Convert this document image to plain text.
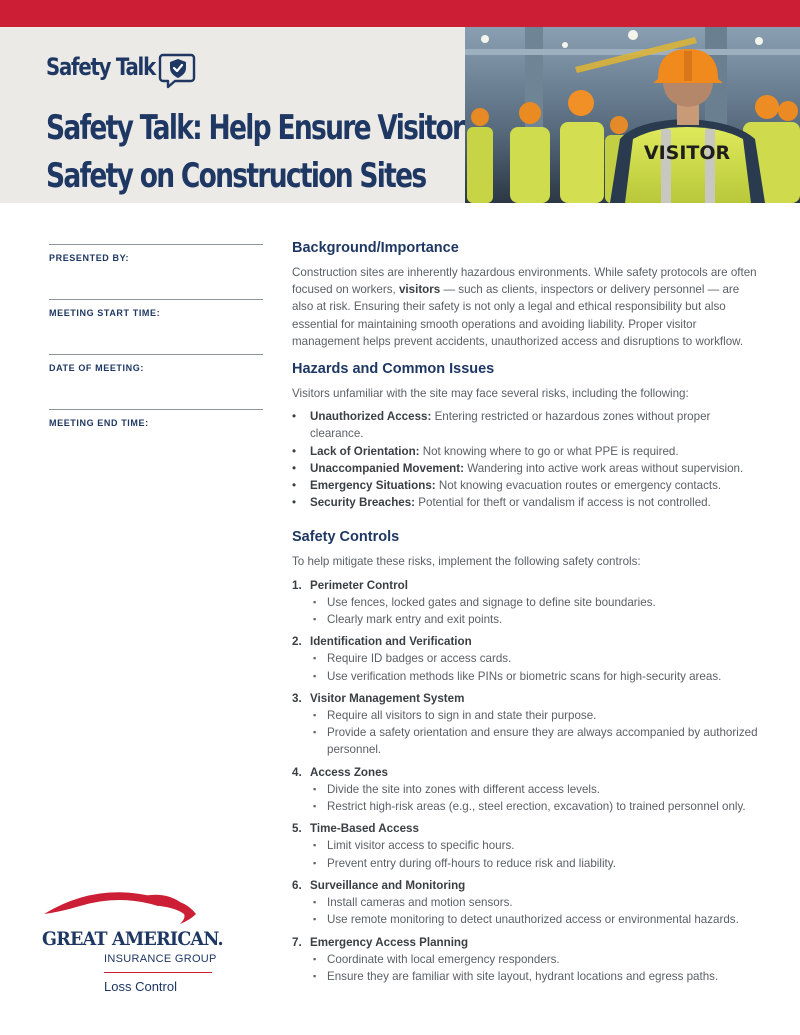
Safety Talk
Safety Talk: Help Ensure Visitor
Safety on Construction Sites
VISITOR
PRESENTED BY:
MEETING START TIME:
DATE OF MEETING:
MEETING END TIME:
Background/Importance

Construction sites are inherently hazardous environments. While safety protocols are often focused on workers, visitors — such as clients, inspectors or delivery personnel — are also at risk. Ensuring their safety is not only a legal and ethical responsibility but also essential for maintaining smooth operations and avoiding liability. Proper visitor management helps prevent accidents, unauthorized access and disruptions to workflow.

Hazards and Common Issues

Visitors unfamiliar with the site may face several risks, including the following:

• Unauthorized Access: Entering restricted or hazardous zones without proper clearance.
• Lack of Orientation: Not knowing where to go or what PPE is required.
• Unaccompanied Movement: Wandering into active work areas without supervision.
• Emergency Situations: Not knowing evacuation routes or emergency contacts.
• Security Breaches: Potential for theft or vandalism if access is not controlled.
Safety Controls

To help mitigate these risks, implement the following safety controls:

1. Perimeter Control
▪ Use fences, locked gates and signage to define site boundaries.
▪ Clearly mark entry and exit points.
2. Identification and Verification
▪ Require ID badges or access cards.
▪ Use verification methods like PINs or biometric scans for high-security areas.
3. Visitor Management System
▪ Require all visitors to sign in and state their purpose.
▪ Provide a safety orientation and ensure they are always accompanied by authorized personnel.
4. Access Zones
▪ Divide the site into zones with different access levels.
▪ Restrict high-risk areas (e.g., steel erection, excavation) to trained personnel only.
5. Time-Based Access
▪ Limit visitor access to specific hours.
▪ Prevent entry during off-hours to reduce risk and liability.
6. Surveillance and Monitoring
▪ Install cameras and motion sensors.
▪ Use remote monitoring to detect unauthorized access or environmental hazards.
7. Emergency Access Planning
▪ Coordinate with local emergency responders.
▪ Ensure they are familiar with site layout, hydrant locations and egress paths.
GREAT AMERICAN.
INSURANCE GROUP
Loss Control
